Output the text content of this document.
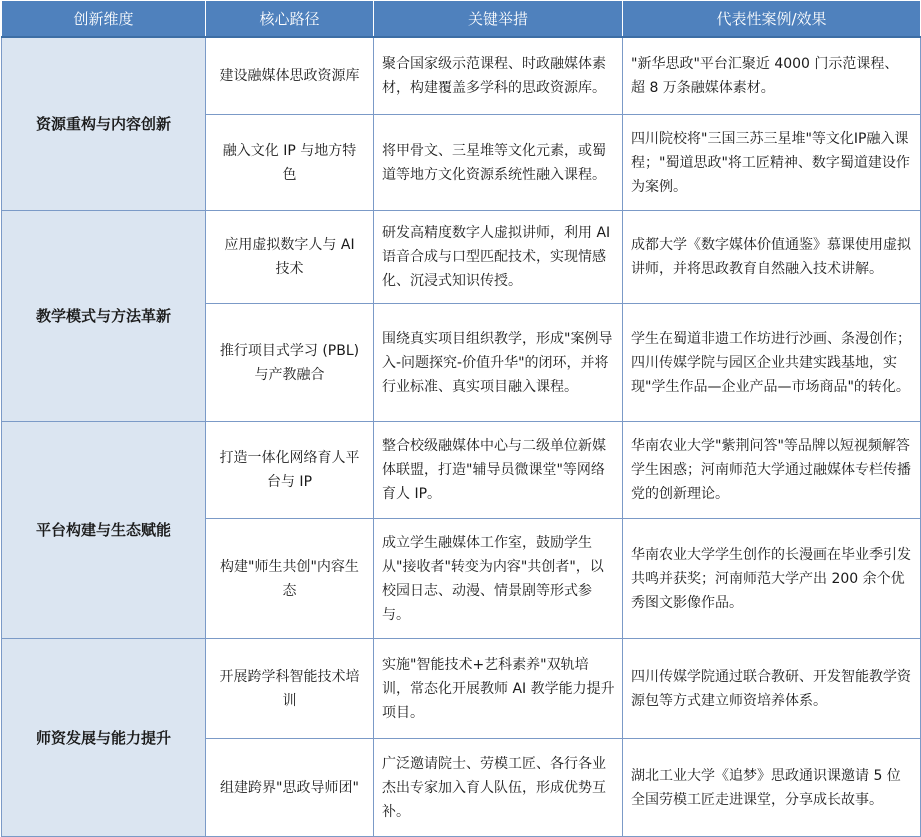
创新维度	核心路径	关键举措	代表性案例/效果
资源重构与内容创新	建设融媒体思政资源库	聚合国家级示范课程、时政融媒体素材，构建覆盖多学科的思政资源库。	"新华思政"平台汇聚近 4000 门示范课程、超 8 万条融媒体素材。
	融入文化 IP 与地方特色	将甲骨文、三星堆等文化元素，或蜀道等地方文化资源系统性融入课程。	四川院校将"三国三苏三星堆"等文化IP融入课程；"蜀道思政"将工匠精神、数字蜀道建设作为案例。
教学模式与方法革新	应用虚拟数字人与 AI 技术	研发高精度数字人虚拟讲师，利用 AI 语音合成与口型匹配技术，实现情感化、沉浸式知识传授。	成都大学《数字媒体价值通鉴》慕课使用虚拟讲师，并将思政教育自然融入技术讲解。
	推行项目式学习 (PBL)与产教融合	围绕真实项目组织教学，形成"案例导入-问题探究-价值升华"的闭环，并将行业标准、真实项目融入课程。	学生在蜀道非遗工作坊进行沙画、条漫创作；四川传媒学院与园区企业共建实践基地，实现"学生作品—企业产品—市场商品"的转化。
平台构建与生态赋能	打造一体化网络育人平台与 IP	整合校级融媒体中心与二级单位新媒体联盟，打造"辅导员微课堂"等网络育人 IP。	华南农业大学"紫荆问答"等品牌以短视频解答学生困惑；河南师范大学通过融媒体专栏传播党的创新理论。
	构建"师生共创"内容生态	成立学生融媒体工作室，鼓励学生从"接收者"转变为内容"共创者"，以校园日志、动漫、情景剧等形式参与。	华南农业大学学生创作的长漫画在毕业季引发共鸣并获奖；河南师范大学产出 200 余个优秀图文影像作品。
师资发展与能力提升	开展跨学科智能技术培训	实施"智能技术+艺科素养"双轨培训，常态化开展教师 AI 教学能力提升项目。	四川传媒学院通过联合教研、开发智能教学资源包等方式建立师资培养体系。
	组建跨界"思政导师团"	广泛邀请院士、劳模工匠、各行各业杰出专家加入育人队伍，形成优势互补。	湖北工业大学《追梦》思政通识课邀请 5 位全国劳模工匠走进课堂，分享成长故事。
